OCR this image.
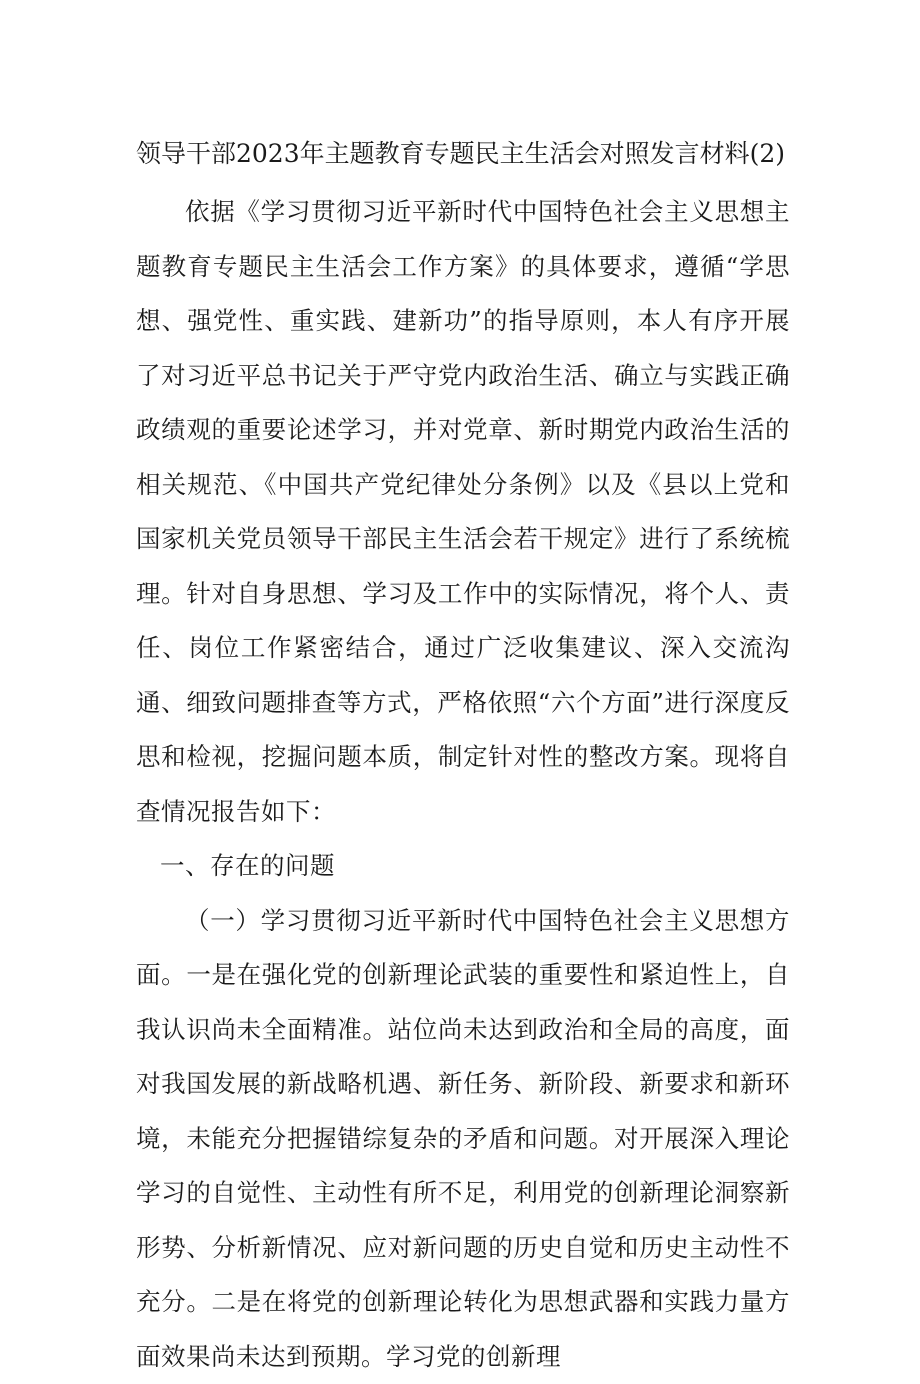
领导干部2023年主题教育专题民主生活会对照发言材料(2)

依据《学习贯彻习近平新时代中国特色社会主义思想主题教育专题民主生活会工作方案》的具体要求，遵循“学思想、强党性、重实践、建新功”的指导原则，本人有序开展了对习近平总书记关于严守党内政治生活、确立与实践正确政绩观的重要论述学习，并对党章、新时期党内政治生活的相关规范、《中国共产党纪律处分条例》以及《县以上党和国家机关党员领导干部民主生活会若干规定》进行了系统梳理。针对自身思想、学习及工作中的实际情况，将个人、责任、岗位工作紧密结合，通过广泛收集建议、深入交流沟通、细致问题排查等方式，严格依照“六个方面”进行深度反思和检视，挖掘问题本质，制定针对性的整改方案。现将自查情况报告如下：

一、存在的问题

（一）学习贯彻习近平新时代中国特色社会主义思想方面。一是在强化党的创新理论武装的重要性和紧迫性上，自我认识尚未全面精准。站位尚未达到政治和全局的高度，面对我国发展的新战略机遇、新任务、新阶段、新要求和新环境，未能充分把握错综复杂的矛盾和问题。对开展深入理论学习的自觉性、主动性有所不足，利用党的创新理论洞察新形势、分析新情况、应对新问题的历史自觉和历史主动性不充分。二是在将党的创新理论转化为思想武器和实践力量方面效果尚未达到预期。学习党的创新理
